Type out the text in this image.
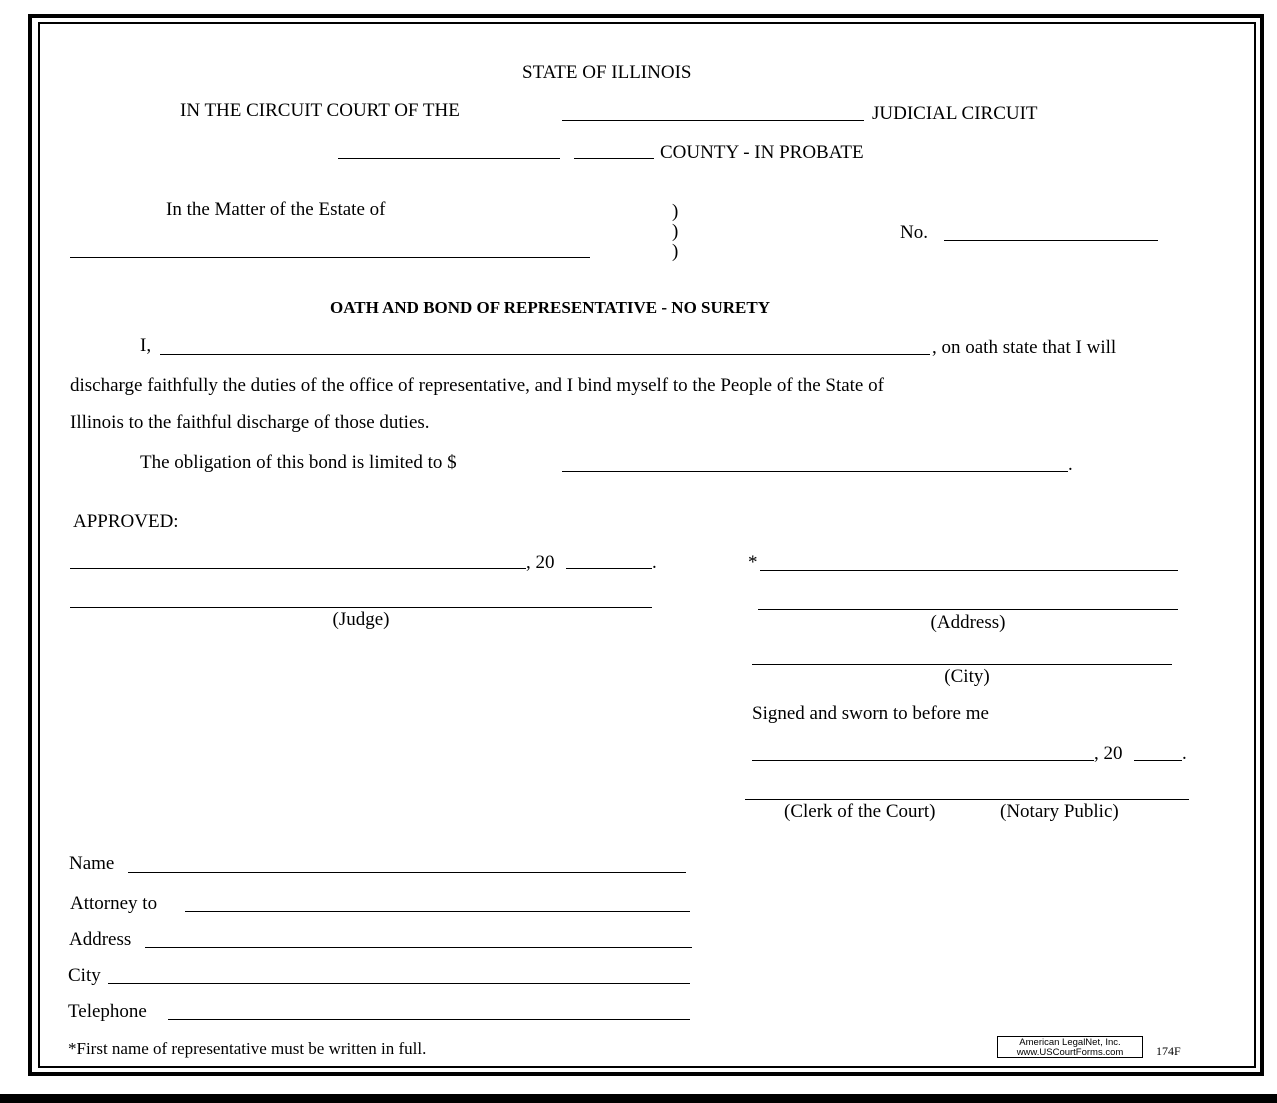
STATE OF ILLINOIS
IN THE CIRCUIT COURT OF THE	JUDICIAL CIRCUIT
COUNTY - IN PROBATE
In the Matter of the Estate of	)
)
)
No.
OATH AND BOND OF REPRESENTATIVE - NO SURETY
I,	, on oath state that I will
discharge faithfully the duties of the office of representative, and I bind myself to the People of the State of
Illinois to the faithful discharge of those duties.
The obligation of this bond is limited to $	.
APPROVED:
, 20	.
(Judge)
*
(Address)
(City)
Signed and sworn to before me
, 20	.
(Clerk of the Court)	(Notary Public)
Name
Attorney to
Address
City
Telephone
*First name of representative must be written in full.	American LegalNet, Inc.
www.USCourtForms.com	174F
